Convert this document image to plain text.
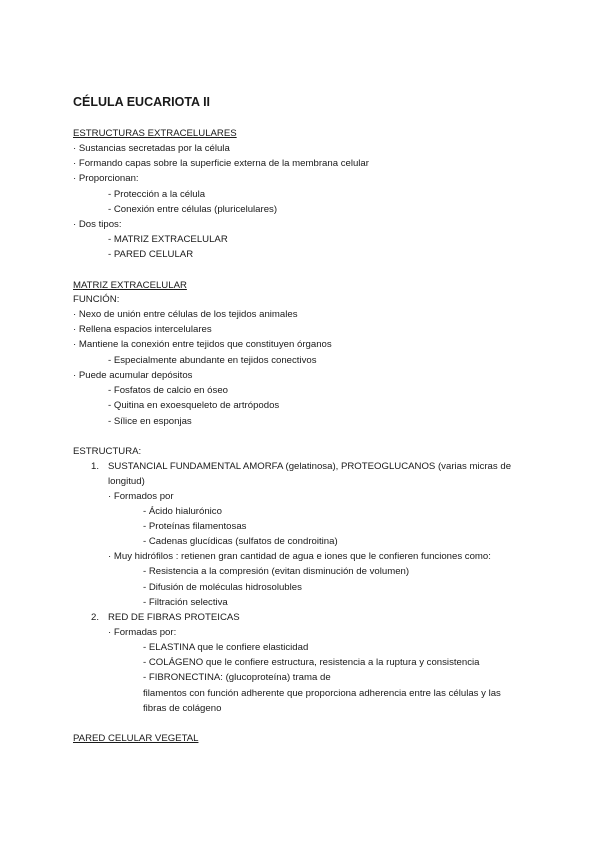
CÉLULA EUCARIOTA II
ESTRUCTURAS EXTRACELULARES
· Sustancias secretadas por la célula
· Formando capas sobre la superficie externa de la membrana celular
· Proporcionan:
- Protección a la célula
- Conexión entre células (pluricelulares)
· Dos tipos:
- MATRIZ EXTRACELULAR
- PARED CELULAR
MATRIZ EXTRACELULAR
FUNCIÓN:
· Nexo de unión entre células de los tejidos animales
· Rellena espacios intercelulares
· Mantiene la conexión entre tejidos que constituyen órganos
- Especialmente abundante en tejidos conectivos
· Puede acumular depósitos
- Fosfatos de calcio en óseo
- Quitina en exoesqueleto de artrópodos
- Sílice en esponjas
ESTRUCTURA:
1. SUSTANCIAL FUNDAMENTAL AMORFA (gelatinosa), PROTEOGLUCANOS (varias micras de
longitud)
· Formados por
- Ácido hialurónico
- Proteínas filamentosas
- Cadenas glucídicas (sulfatos de condroitina)
· Muy hidrófilos : retienen gran cantidad de agua e iones que le confieren funciones como:
- Resistencia a la compresión (evitan disminución de volumen)
- Difusión de moléculas hidrosolubles
- Filtración selectiva
2. RED DE FIBRAS PROTEICAS
· Formadas por:
- ELASTINA que le confiere elasticidad
- COLÁGENO que le confiere estructura, resistencia a la ruptura y consistencia
- FIBRONECTINA: (glucoproteína) trama de
filamentos con función adherente que proporciona adherencia entre las células y las
fibras de colágeno
PARED CELULAR VEGETAL
